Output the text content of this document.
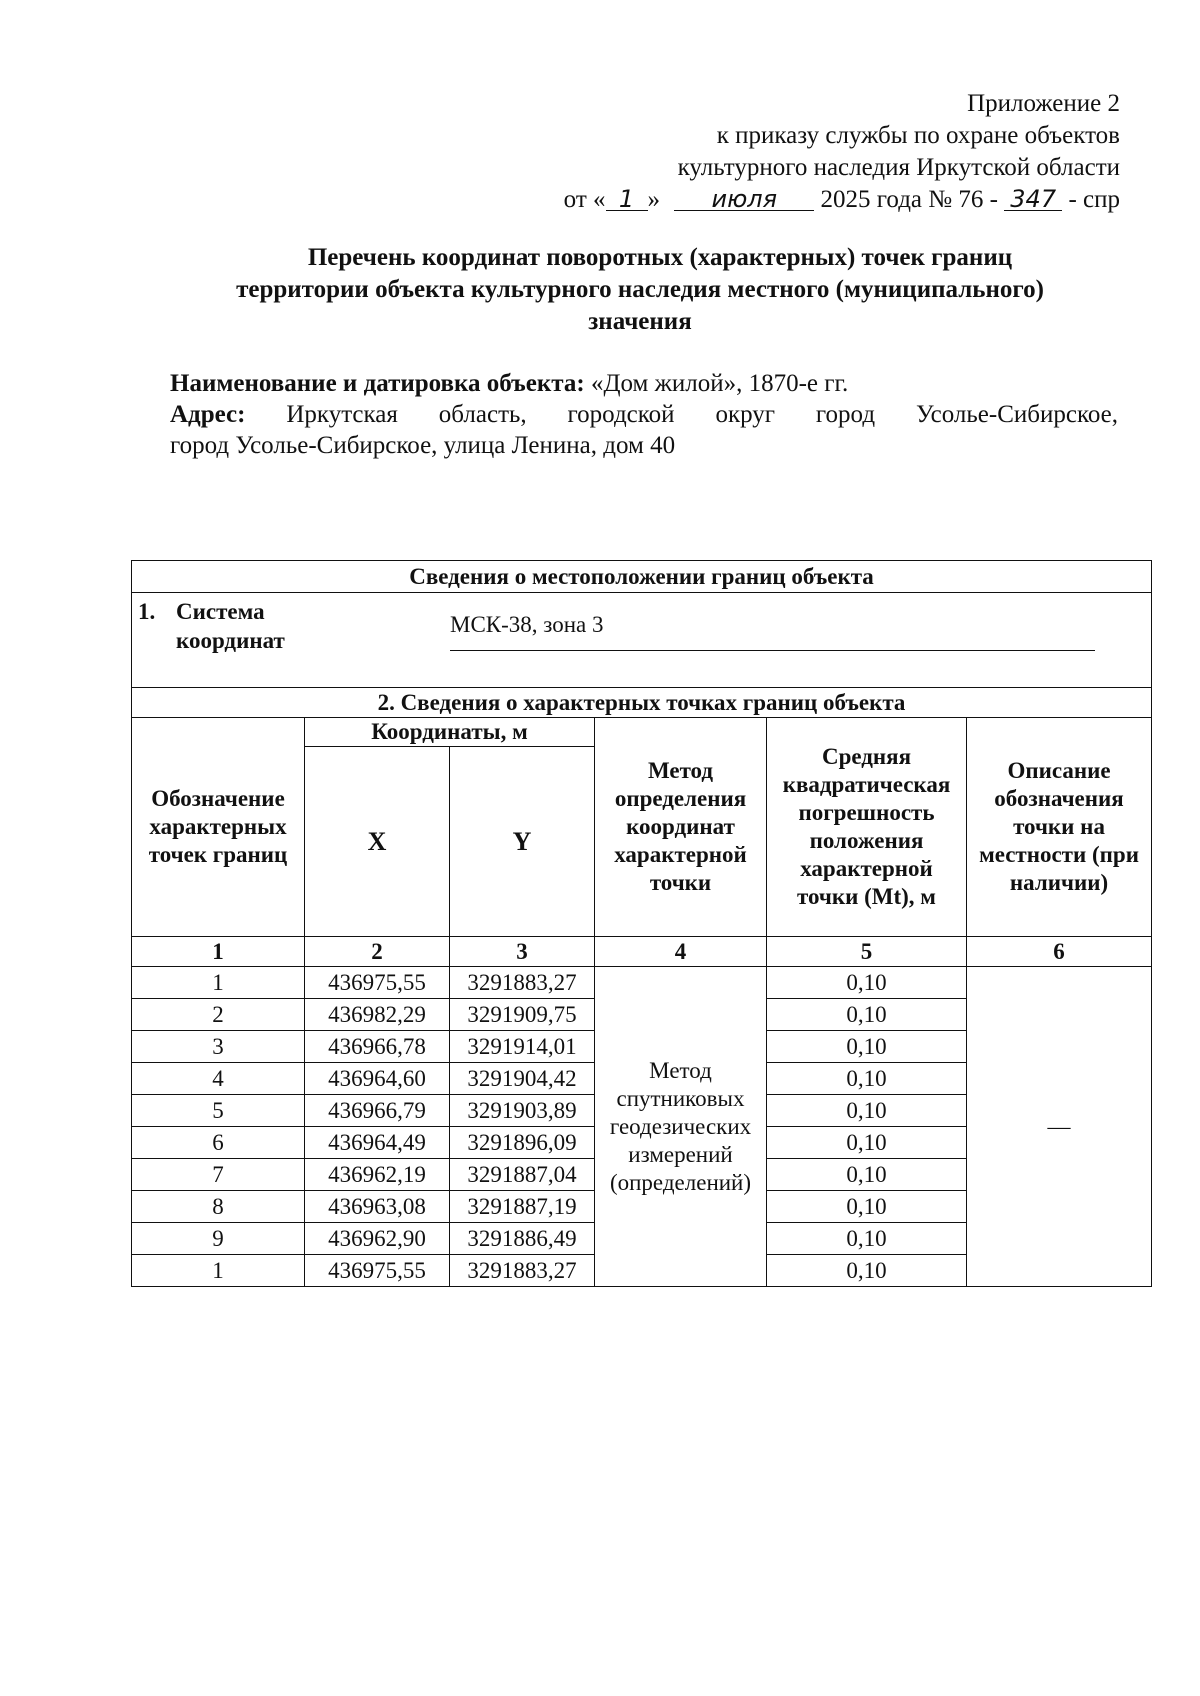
Приложение 2
к приказу службы по охране объектов
культурного наследия Иркутской области
от « 1 » июля 2025 года № 76 - 347 - спр
Перечень координат поворотных (характерных) точек границ
территории объекта культурного наследия местного (муниципального)
значения
Наименование и датировка объекта: «Дом жилой», 1870-е гг.
Адрес: Иркутская область, городской округ город Усолье-Сибирское,
город Усолье-Сибирское, улица Ленина, дом 40
Сведения о местоположении границ объекта					

1. Система
координат
МСК-38, зона 3					

2. Сведения о характерных точках границ объекта					
Обозначение характерных точек границ	Координаты, м		Метод определения координат характерной точки	Средняя квадратическая погрешность положения характерной точки (Mt), м	Описание обозначения точки на местности (при наличии)
	X	Y			
1	2	3	4	5	6
1	436975,55	3291883,27	Метод спутниковых геодезических измерений (определений)	0,10	—
2	436982,29	3291909,75		0,10	
3	436966,78	3291914,01		0,10	
4	436964,60	3291904,42		0,10	
5	436966,79	3291903,89		0,10	
6	436964,49	3291896,09		0,10	
7	436962,19	3291887,04		0,10	
8	436963,08	3291887,19		0,10	
9	436962,90	3291886,49		0,10	
1	436975,55	3291883,27		0,10	
